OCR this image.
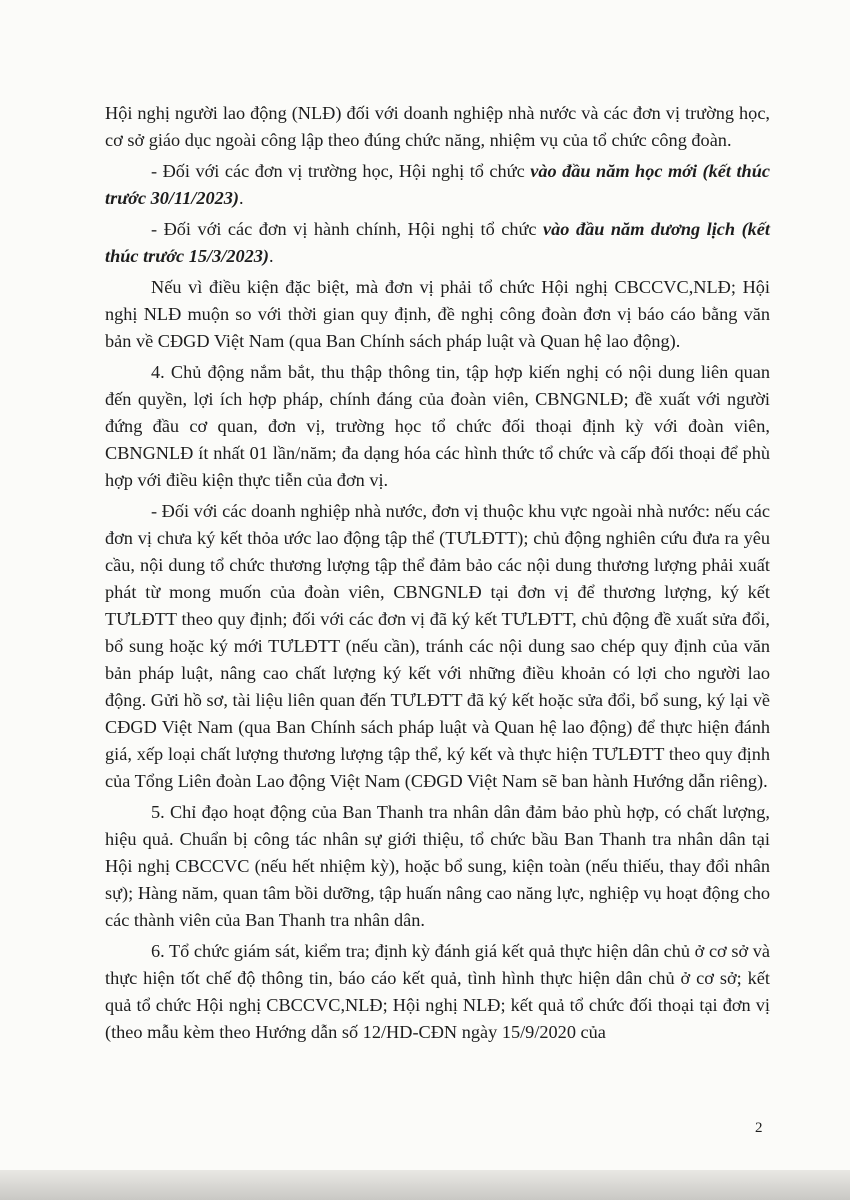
Hội nghị người lao động (NLĐ) đối với doanh nghiệp nhà nước và các đơn vị trường học, cơ sở giáo dục ngoài công lập theo đúng chức năng, nhiệm vụ của tổ chức công đoàn.

- Đối với các đơn vị trường học, Hội nghị tổ chức vào đầu năm học mới (kết thúc trước 30/11/2023).

- Đối với các đơn vị hành chính, Hội nghị tổ chức vào đầu năm dương lịch (kết thúc trước 15/3/2023).

Nếu vì điều kiện đặc biệt, mà đơn vị phải tổ chức Hội nghị CBCCVC,NLĐ; Hội nghị NLĐ muộn so với thời gian quy định, đề nghị công đoàn đơn vị báo cáo bằng văn bản về CĐGD Việt Nam (qua Ban Chính sách pháp luật và Quan hệ lao động).

4. Chủ động nắm bắt, thu thập thông tin, tập hợp kiến nghị có nội dung liên quan đến quyền, lợi ích hợp pháp, chính đáng của đoàn viên, CBNGNLĐ; đề xuất với người đứng đầu cơ quan, đơn vị, trường học tổ chức đối thoại định kỳ với đoàn viên, CBNGNLĐ ít nhất 01 lần/năm; đa dạng hóa các hình thức tổ chức và cấp đối thoại để phù hợp với điều kiện thực tiễn của đơn vị.

- Đối với các doanh nghiệp nhà nước, đơn vị thuộc khu vực ngoài nhà nước: nếu các đơn vị chưa ký kết thỏa ước lao động tập thể (TƯLĐTT); chủ động nghiên cứu đưa ra yêu cầu, nội dung tổ chức thương lượng tập thể đảm bảo các nội dung thương lượng phải xuất phát từ mong muốn của đoàn viên, CBNGNLĐ tại đơn vị để thương lượng, ký kết TƯLĐTT theo quy định; đối với các đơn vị đã ký kết TƯLĐTT, chủ động đề xuất sửa đổi, bổ sung hoặc ký mới TƯLĐTT (nếu cần), tránh các nội dung sao chép quy định của văn bản pháp luật, nâng cao chất lượng ký kết với những điều khoản có lợi cho người lao động. Gửi hồ sơ, tài liệu liên quan đến TƯLĐTT đã ký kết hoặc sửa đổi, bổ sung, ký lại về CĐGD Việt Nam (qua Ban Chính sách pháp luật và Quan hệ lao động) để thực hiện đánh giá, xếp loại chất lượng thương lượng tập thể, ký kết và thực hiện TƯLĐTT theo quy định của Tổng Liên đoàn Lao động Việt Nam (CĐGD Việt Nam sẽ ban hành Hướng dẫn riêng).

5. Chỉ đạo hoạt động của Ban Thanh tra nhân dân đảm bảo phù hợp, có chất lượng, hiệu quả. Chuẩn bị công tác nhân sự giới thiệu, tổ chức bầu Ban Thanh tra nhân dân tại Hội nghị CBCCVC (nếu hết nhiệm kỳ), hoặc bổ sung, kiện toàn (nếu thiếu, thay đổi nhân sự); Hàng năm, quan tâm bồi dưỡng, tập huấn nâng cao năng lực, nghiệp vụ hoạt động cho các thành viên của Ban Thanh tra nhân dân.

6. Tổ chức giám sát, kiểm tra; định kỳ đánh giá kết quả thực hiện dân chủ ở cơ sở và thực hiện tốt chế độ thông tin, báo cáo kết quả, tình hình thực hiện dân chủ ở cơ sở; kết quả tổ chức Hội nghị CBCCVC,NLĐ; Hội nghị NLĐ; kết quả tổ chức đối thoại tại đơn vị (theo mẫu kèm theo Hướng dẫn số 12/HD-CĐN ngày 15/9/2020 của

2
